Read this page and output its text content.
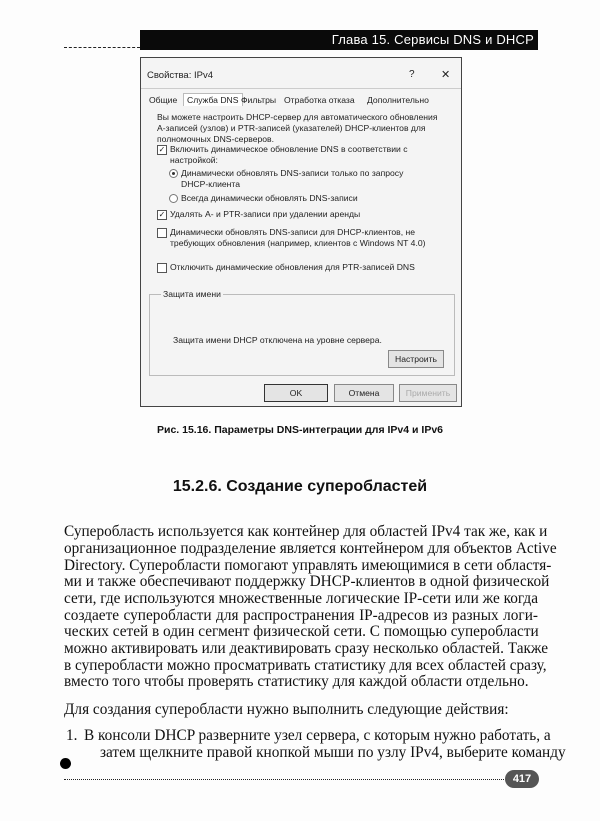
Глава 15. Сервисы DNS и DHCP
Свойства: IPv4	? ✕
Общие	Служба DNS Фильтры Отработка отказа Дополнительно
Вы можете настроить DHCP-сервер для автоматического обновления
A-записей (узлов) и PTR-записей (указателей) DHCP-клиентов для
полномочных DNS-серверов.
✓ Включить динамическое обновление DNS в соответствии с
настройкой:
Динамически обновлять DNS-записи только по запросу
DHCP-клиента
Всегда динамически обновлять DNS-записи
✓ Удалять A- и PTR-записи при удалении аренды
Динамически обновлять DNS-записи для DHCP-клиентов, не
требующих обновления (например, клиентов с Windows NT 4.0)
Отключить динамические обновления для PTR-записей DNS
Защита имени
Защита имени DHCP отключена на уровне сервера.
Настроить
OK	Отмена	Применить
Рис. 15.16. Параметры DNS-интеграции для IPv4 и IPv6
15.2.6. Создание суперобластей
Суперобласть используется как контейнер для областей IPv4 так же, как и
организационное подразделение является контейнером для объектов Active
Directory. Суперобласти помогают управлять имеющимися в сети областя-
ми и также обеспечивают поддержку DHCP-клиентов в одной физической
сети, где используются множественные логические IP-сети или же когда
создаете суперобласти для распространения IP-адресов из разных логи-
ческих сетей в один сегмент физической сети. С помощью суперобласти
можно активировать или деактивировать сразу несколько областей. Также
в суперобласти можно просматривать статистику для всех областей сразу,
вместо того чтобы проверять статистику для каждой области отдельно.
Для создания суперобласти нужно выполнить следующие действия:
1. В консоли DHCP разверните узел сервера, с которым нужно работать, а
затем щелкните правой кнопкой мыши по узлу IPv4, выберите команду
417
